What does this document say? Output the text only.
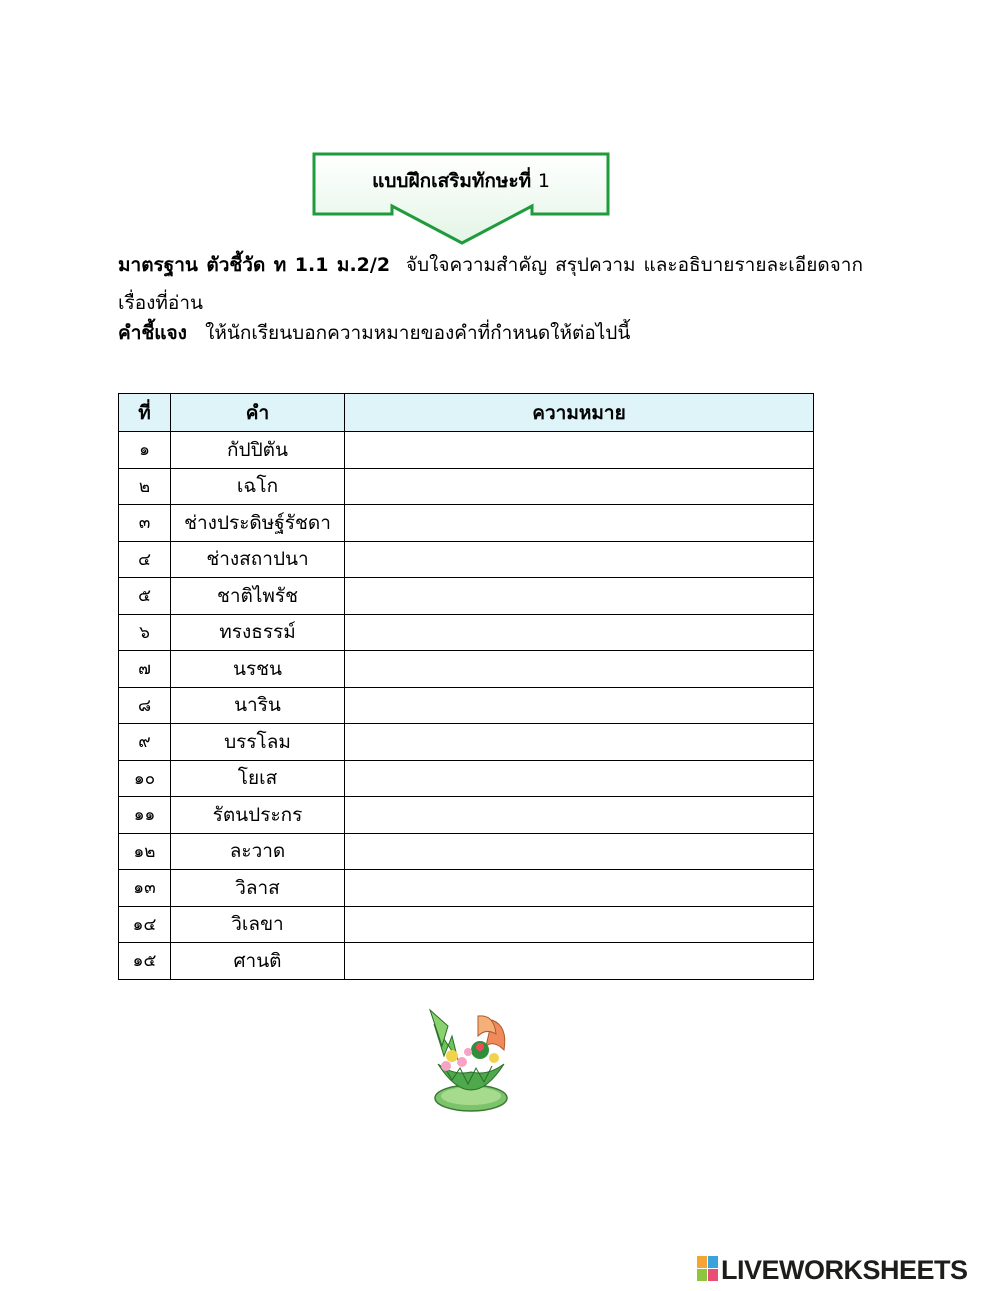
แบบฝึกเสริมทักษะที่ 1
มาตรฐาน ตัวชี้วัด ท 1.1 ม.2/2 จับใจความสำคัญ สรุปความ และอธิบายรายละเอียดจากเรื่องที่อ่าน
คำชี้แจง ให้นักเรียนบอกความหมายของคำที่กำหนดให้ต่อไปนี้
ที่	คำ	ความหมาย
๑	กัปปิตัน	
๒	เฉโก	
๓	ช่างประดิษฐ์รัชดา	
๔	ช่างสถาปนา	
๕	ชาติไพรัช	
๖	ทรงธรรม์	
๗	นรชน	
๘	นาริน	
๙	บรรโลม	
๑๐	โยเส	
๑๑	รัตนประกร	
๑๒	ละวาด	
๑๓	วิลาส	
๑๔	วิเลขา	
๑๕	ศานติ	
LIVEWORKSHEETS
